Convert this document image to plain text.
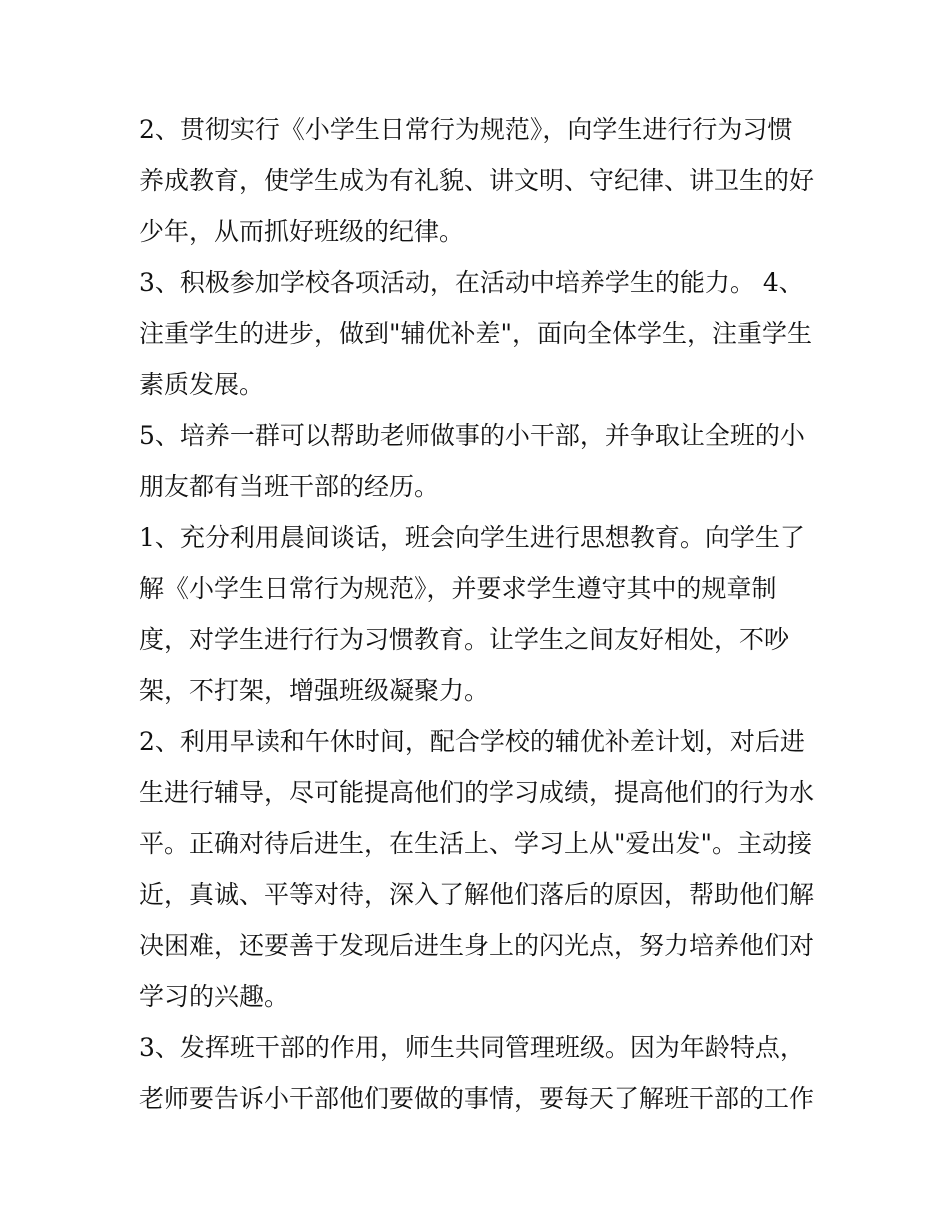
2、贯彻实行《小学生日常行为规范》，向学生进行行为习惯
养成教育，使学生成为有礼貌、讲文明、守纪律、讲卫生的好
少年，从而抓好班级的纪律。
3、积极参加学校各项活动，在活动中培养学生的能力。 4、
注重学生的进步，做到"辅优补差"，面向全体学生，注重学生
素质发展。
5、培养一群可以帮助老师做事的小干部，并争取让全班的小
朋友都有当班干部的经历。
1、充分利用晨间谈话，班会向学生进行思想教育。向学生了
解《小学生日常行为规范》，并要求学生遵守其中的规章制
度，对学生进行行为习惯教育。让学生之间友好相处，不吵
架，不打架，增强班级凝聚力。
2、利用早读和午休时间，配合学校的辅优补差计划，对后进
生进行辅导，尽可能提高他们的学习成绩，提高他们的行为水
平。正确对待后进生，在生活上、学习上从"爱出发"。主动接
近，真诚、平等对待，深入了解他们落后的原因，帮助他们解
决困难，还要善于发现后进生身上的闪光点，努力培养他们对
学习的兴趣。
3、发挥班干部的作用，师生共同管理班级。因为年龄特点，
老师要告诉小干部他们要做的事情，要每天了解班干部的工作
